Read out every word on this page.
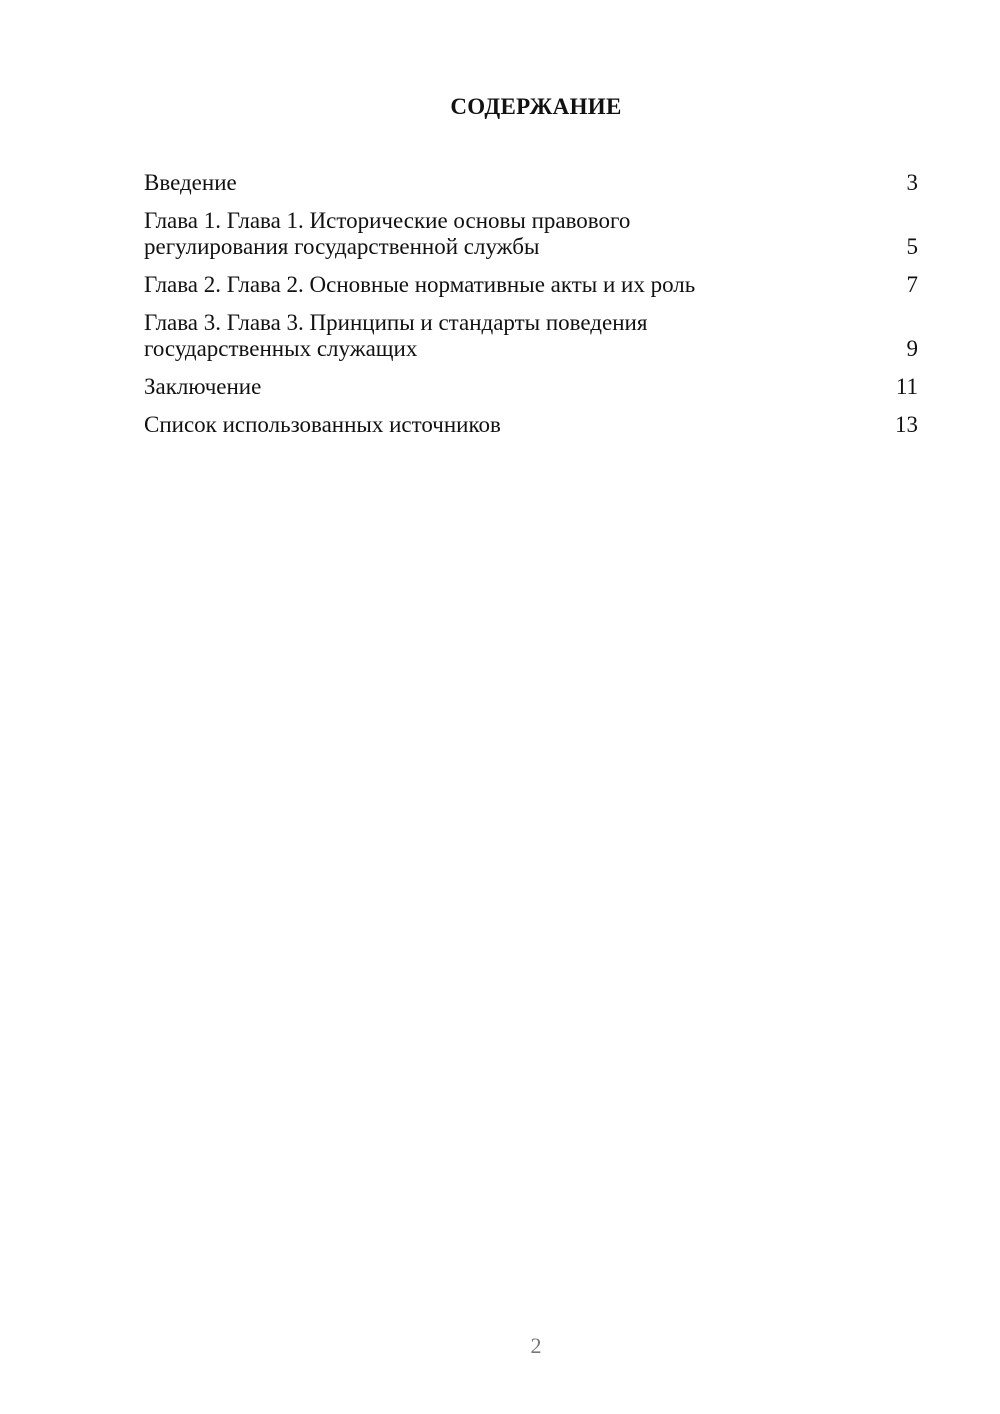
СОДЕРЖАНИЕ
Введение	3
Глава 1. Глава 1. Исторические основы правового
регулирования государственной службы	5
Глава 2. Глава 2. Основные нормативные акты и их роль	7
Глава 3. Глава 3. Принципы и стандарты поведения
государственных служащих	9
Заключение	11
Список использованных источников	13
2
